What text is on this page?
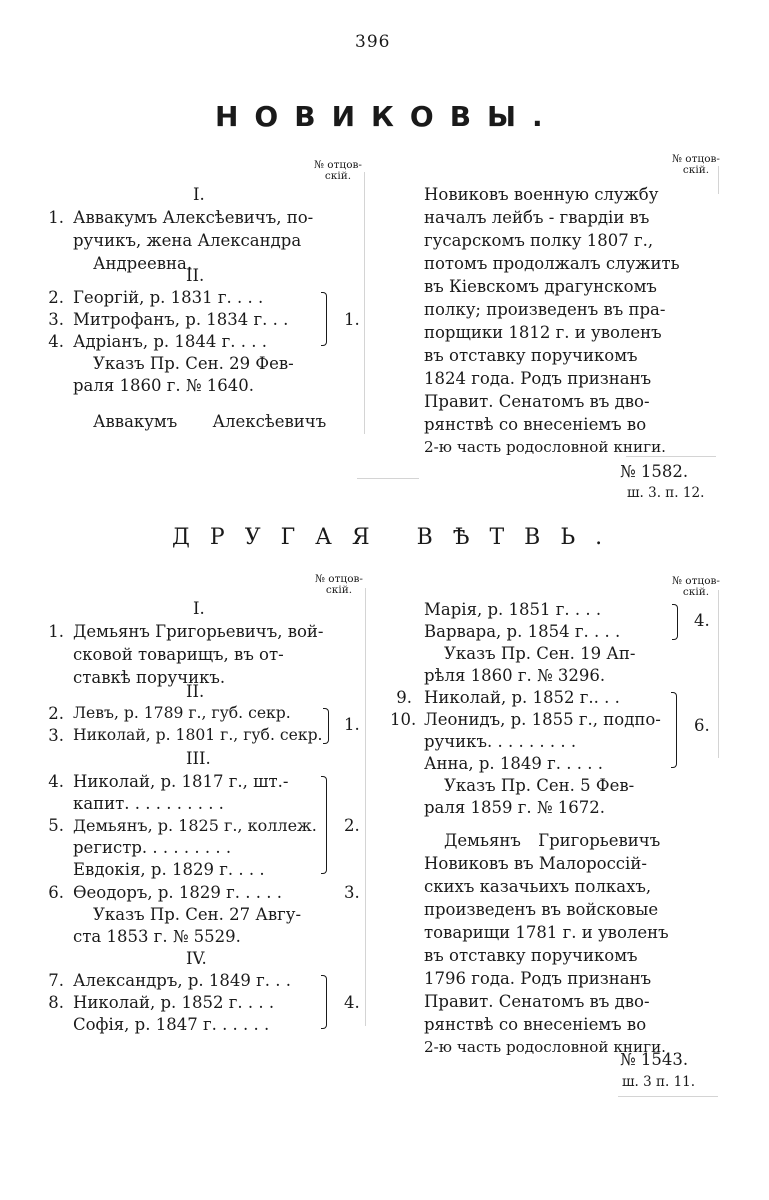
396
НОВИКОВЫ.
№ отцов-
скій.
№ отцов-
скій.
I.
1. Аввакумъ Алексѣевичъ, по-
ручикъ, жена Александра
Андреевна.
II.
2. Георгій, р. 1831 г. . . .
3. Митрофанъ, р. 1834 г. . .
4. Адріанъ, р. 1844 г. . . .
1.
Указъ Пр. Сен. 29 Фев-
раля 1860 г. № 1640.
Аввакумъ Алексѣевичъ
Новиковъ военную службу
началъ лейбъ - гвардіи въ
гусарскомъ полку 1807 г.,
потомъ продолжалъ служить
въ Кіевскомъ драгунскомъ
полку; произведенъ въ пра-
порщики 1812 г. и уволенъ
въ отставку поручикомъ
1824 года. Родъ признанъ
Правит. Сенатомъ въ дво-
рянствѣ со внесеніемъ во
2-ю часть родословной книги.
№ 1582.
ш. 3. п. 12.
ДРУГАЯ ВѢТВЬ.
№ отцов-
скій.
№ отцов-
скій.
I.
1. Демьянъ Григорьевичъ, вой-
сковой товарищъ, въ от-
ставкѣ поручикъ.
II.
2. Левъ, р. 1789 г., губ. секр.
3. Николай, р. 1801 г., губ. секр.
1.
III.
4. Николай, р. 1817 г., шт.-
капит. . . . . . . . . .
5. Демьянъ, р. 1825 г., коллеж.
регистр. . . . . . . . .
Евдокія, р. 1829 г. . . .
2.
6. Ѳеодоръ, р. 1829 г. . . . .	3.
Указъ Пр. Сен. 27 Авгу-
ста 1853 г. № 5529.
IV.
7. Александръ, р. 1849 г. . .
8. Николай, р. 1852 г. . . .
Софія, р. 1847 г. . . . . .
4.
Марія, р. 1851 г. . . .
Варвара, р. 1854 г. . . .
4.
Указъ Пр. Сен. 19 Ап-
рѣля 1860 г. № 3296.
9. Николай, р. 1852 г.. . .
10. Леонидъ, р. 1855 г., подпо-
ручикъ. . . . . . . . .
Анна, р. 1849 г. . . . .
6.
Указъ Пр. Сен. 5 Фев-
раля 1859 г. № 1672.
Демьянъ Григорьевичъ
Новиковъ въ Малороссій-
скихъ казачьихъ полкахъ,
произведенъ въ войсковые
товарищи 1781 г. и уволенъ
въ отставку поручикомъ
1796 года. Родъ признанъ
Правит. Сенатомъ въ дво-
рянствѣ со внесеніемъ во
2-ю часть родословной книги.
№ 1543.
ш. 3 п. 11.
